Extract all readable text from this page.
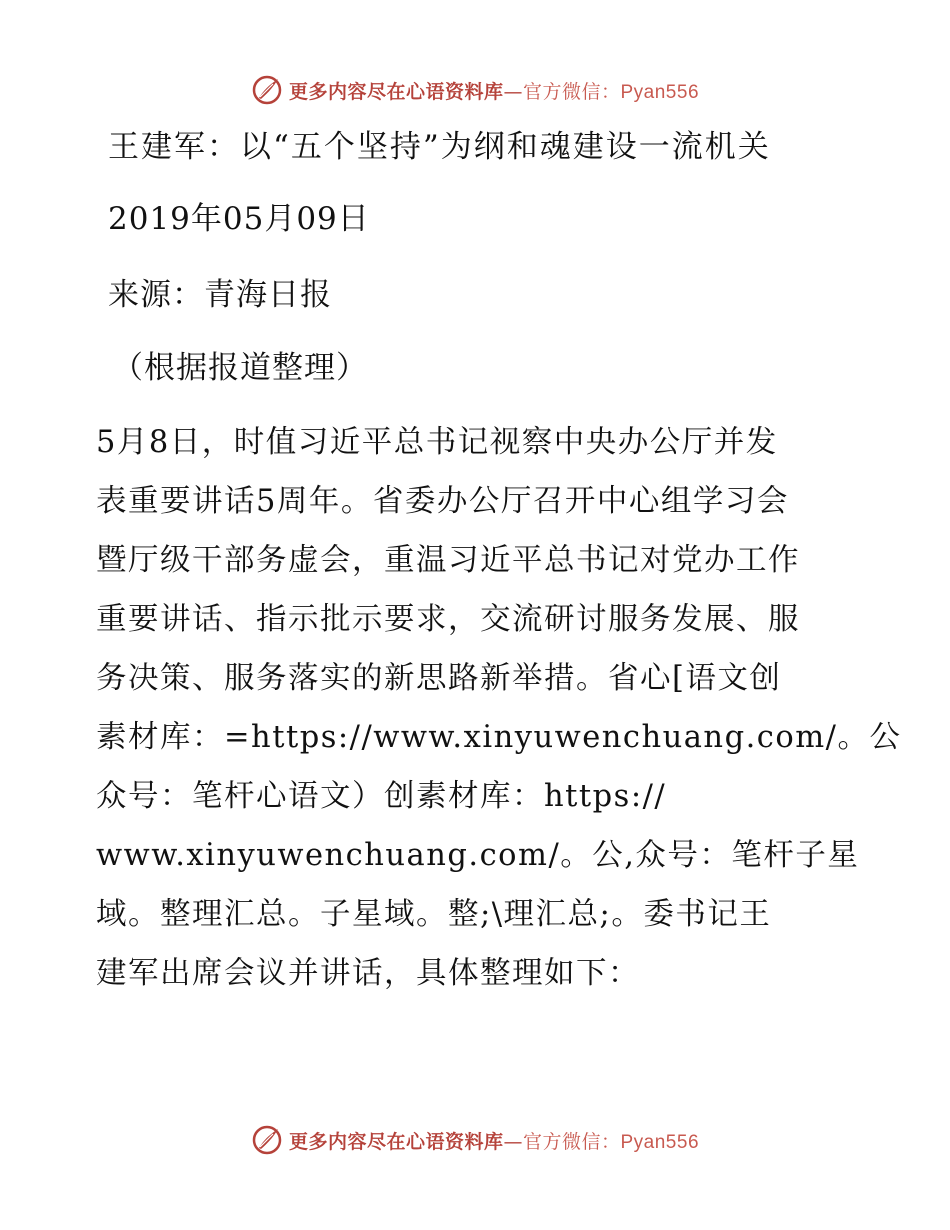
更多内容尽在心语资料库—官方微信：Pyan556
王建军：以“五个坚持”为纲和魂建设一流机关
2019年05月09日
来源：青海日报
（根据报道整理）
5月8日，时值习近平总书记视察中央办公厅并发
表重要讲话5周年。省委办公厅召开中心组学习会
暨厅级干部务虚会，重温习近平总书记对党办工作
重要讲话、指示批示要求，交流研讨服务发展、服
务决策、服务落实的新思路新举措。省心[语文创
素材库：=https://www.xinyuwenchuang.com/。公
众号：笔杆心语文）创素材库：https://
www.xinyuwenchuang.com/。公,众号：笔杆子星
域。整理汇总。子星域。整;\理汇总;。委书记王
建军出席会议并讲话，具体整理如下：
更多内容尽在心语资料库—官方微信：Pyan556
